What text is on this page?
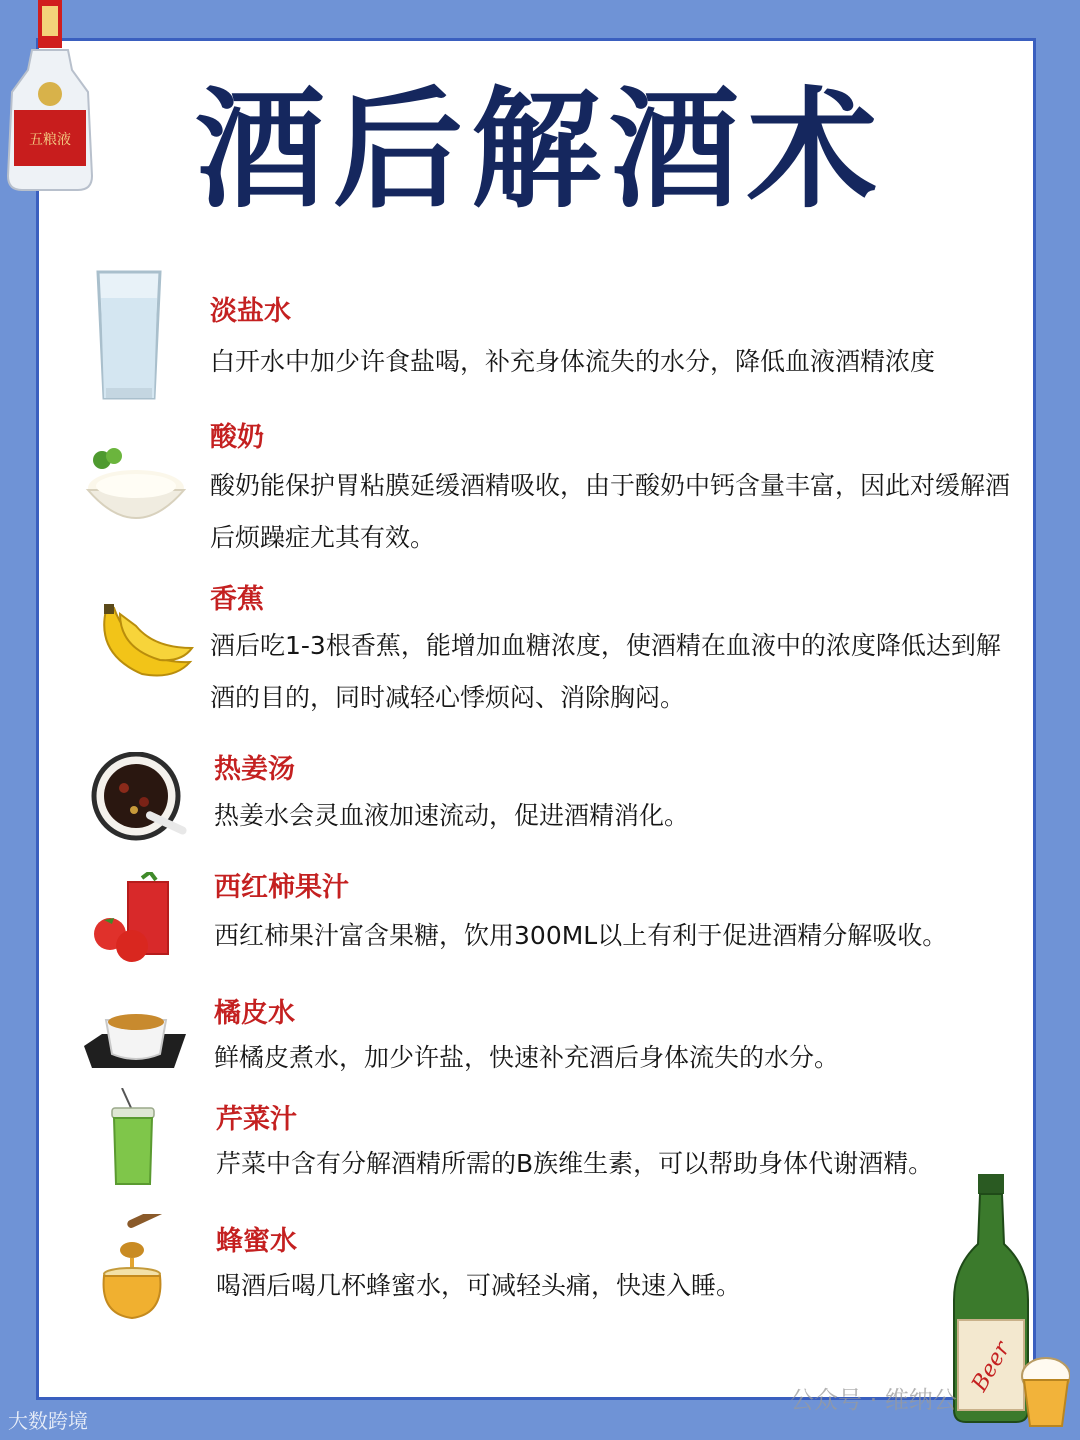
五粮液 酒后解酒术
淡盐水
白开水中加少许食盐喝，补充身体流失的水分，降低血液酒精浓度
酸奶
酸奶能保护胃粘膜延缓酒精吸收，由于酸奶中钙含量丰富，因此对缓解酒后烦躁症尤其有效。
香蕉
酒后吃1-3根香蕉，能增加血糖浓度，使酒精在血液中的浓度降低达到解酒的目的，同时减轻心悸烦闷、消除胸闷。
热姜汤
热姜水会灵血液加速流动，促进酒精消化。
西红柿果汁
西红柿果汁富含果糖，饮用300ML以上有利于促进酒精分解吸收。
橘皮水
鲜橘皮煮水，加少许盐，快速补充酒后身体流失的水分。
芹菜汁
芹菜中含有分解酒精所需的B族维生素，可以帮助身体代谢酒精。
蜂蜜水
喝酒后喝几杯蜂蜜水，可减轻头痛，快速入睡。
Beer
大数跨境
公众号 · 维纳公
